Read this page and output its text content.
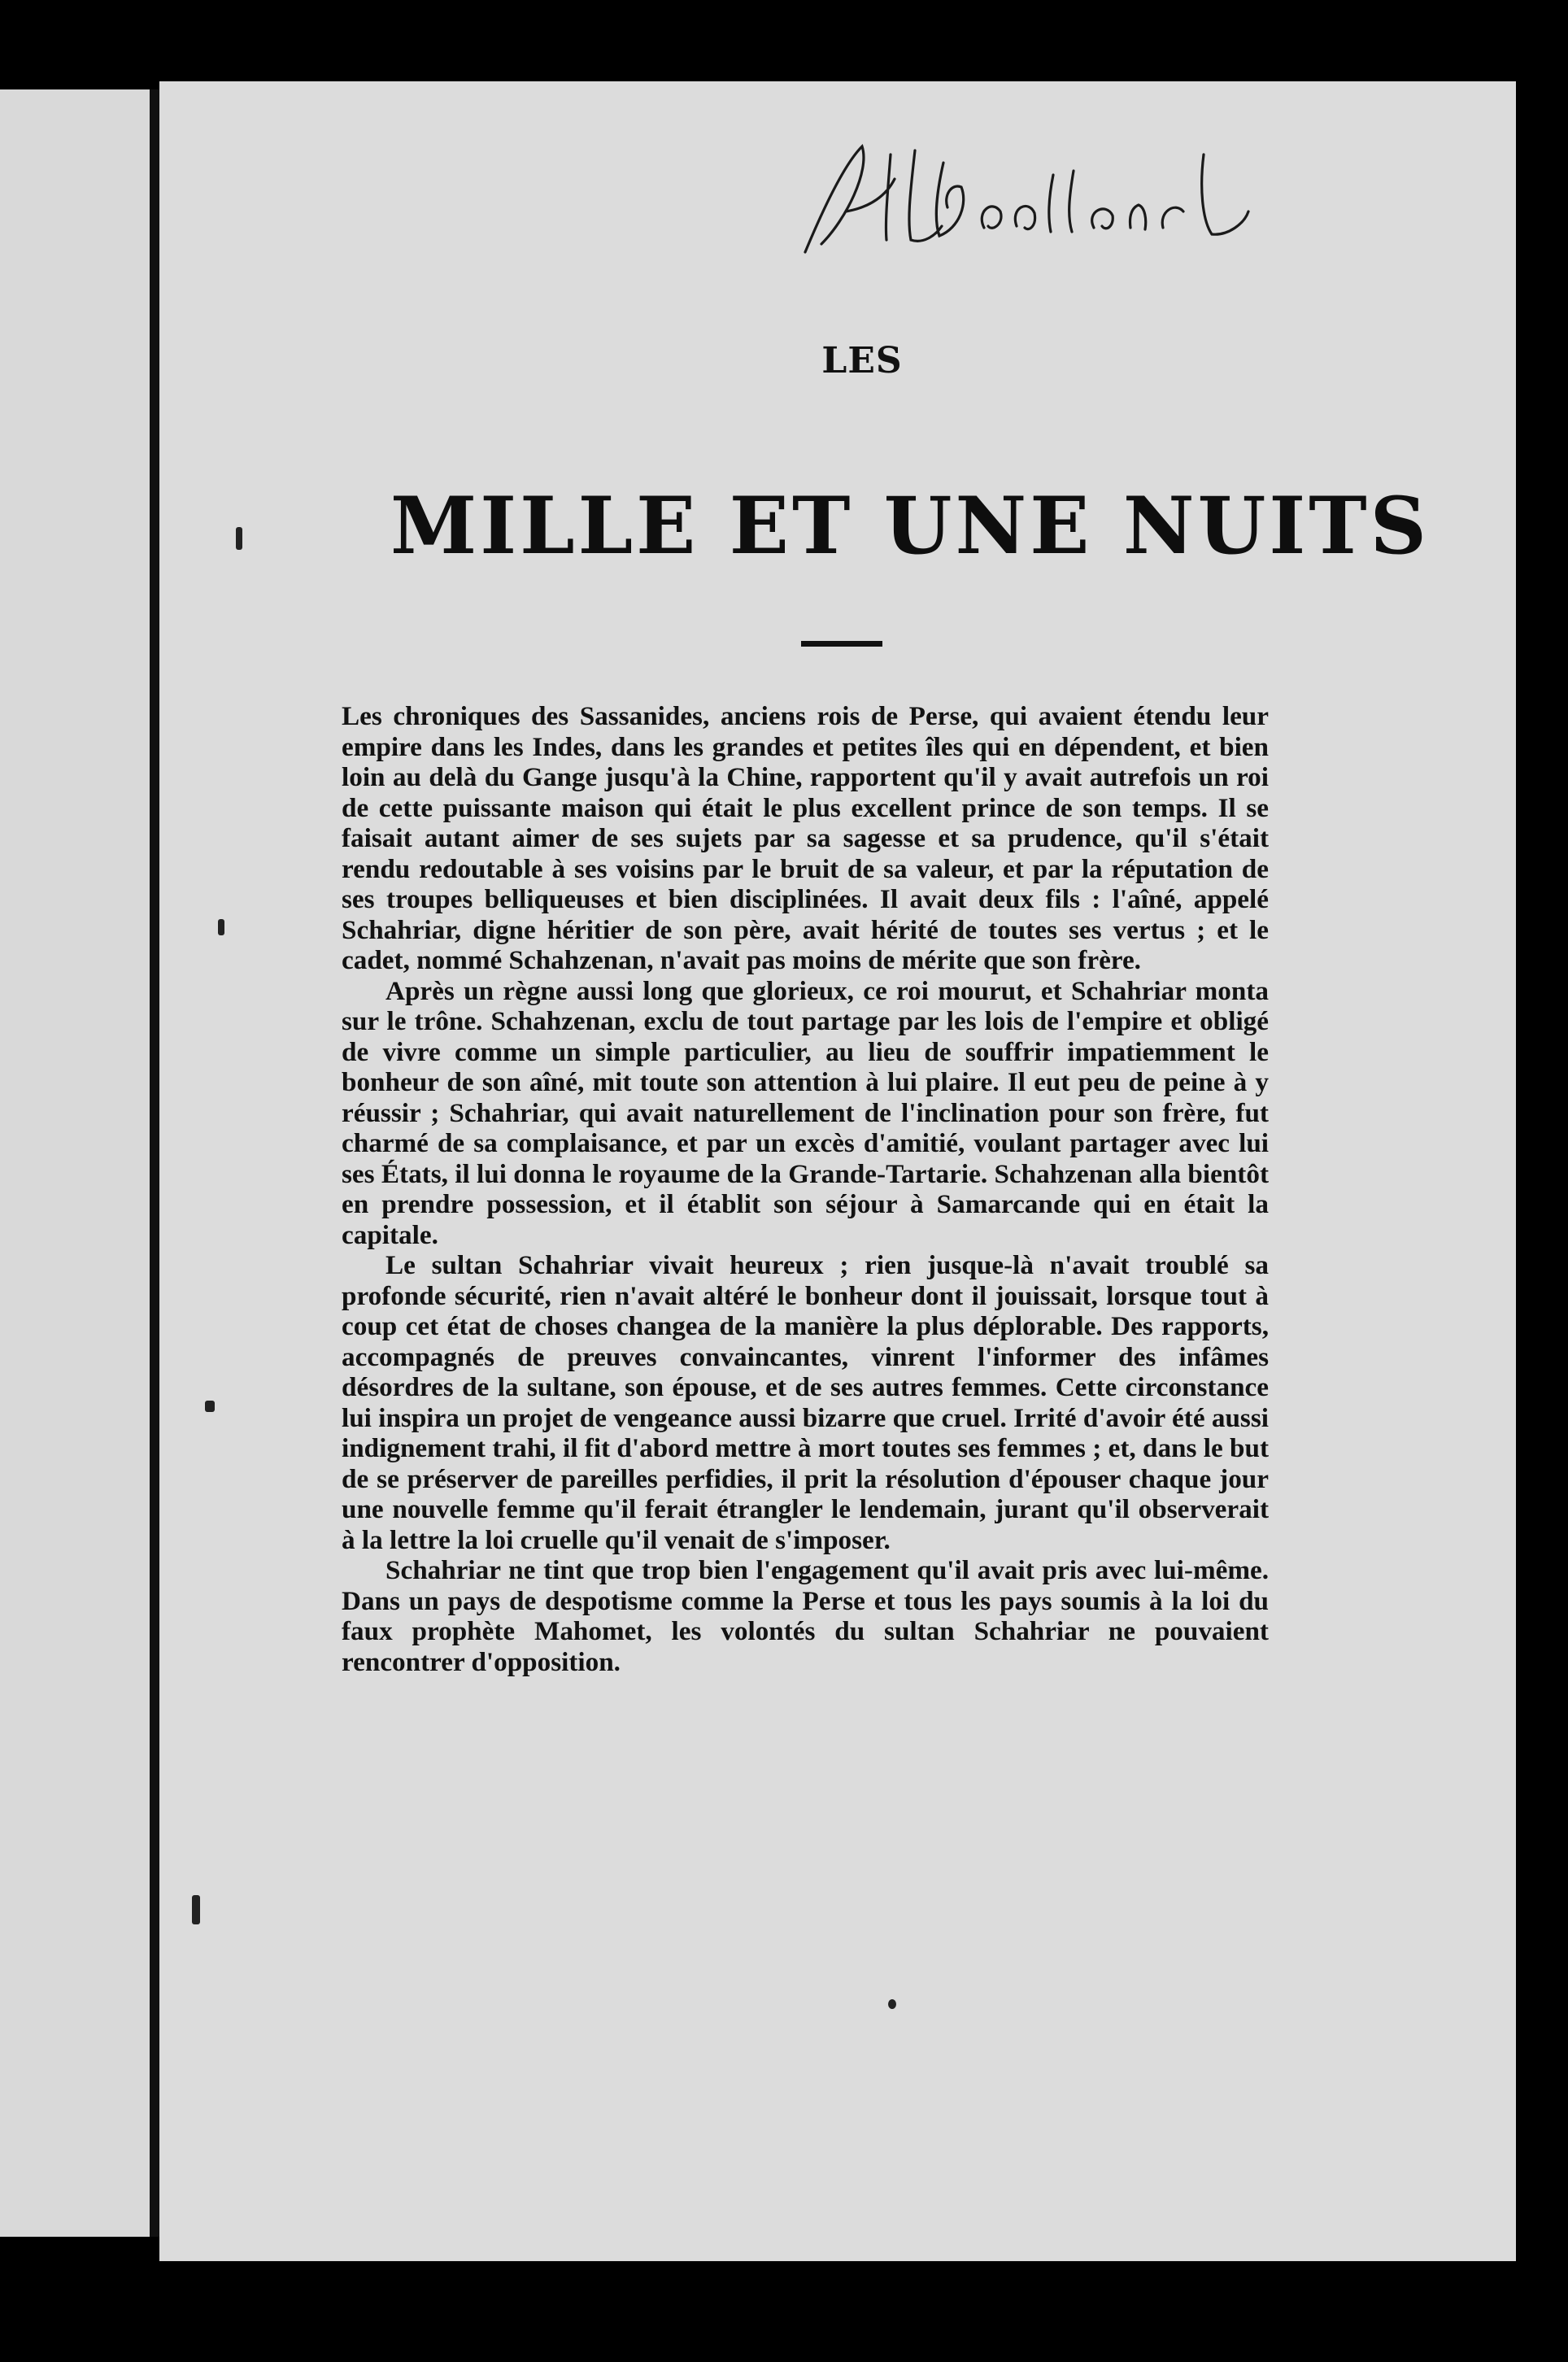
LES
MILLE ET UNE NUITS

Les chroniques des Sassanides, anciens rois de Perse, qui avaient étendu leur empire dans les Indes, dans les grandes et petites îles qui en dépendent, et bien loin au delà du Gange jusqu'à la Chine, rapportent qu'il y avait autrefois un roi de cette puissante maison qui était le plus excellent prince de son temps. Il se faisait autant aimer de ses sujets par sa sagesse et sa prudence, qu'il s'était rendu redoutable à ses voisins par le bruit de sa valeur, et par la réputation de ses troupes belliqueuses et bien disciplinées. Il avait deux fils : l'aîné, appelé Schahriar, digne héritier de son père, avait hérité de toutes ses vertus ; et le cadet, nommé Schahzenan, n'avait pas moins de mérite que son frère.

Après un règne aussi long que glorieux, ce roi mourut, et Schahriar monta sur le trône. Schahzenan, exclu de tout partage par les lois de l'empire et obligé de vivre comme un simple particulier, au lieu de souffrir impatiemment le bonheur de son aîné, mit toute son attention à lui plaire. Il eut peu de peine à y réussir ; Schahriar, qui avait naturellement de l'inclination pour son frère, fut charmé de sa complaisance, et par un excès d'amitié, voulant partager avec lui ses États, il lui donna le royaume de la Grande-Tartarie. Schahzenan alla bientôt en prendre possession, et il établit son séjour à Samarcande qui en était la capitale.

Le sultan Schahriar vivait heureux ; rien jusque-là n'avait troublé sa profonde sécurité, rien n'avait altéré le bonheur dont il jouissait, lorsque tout à coup cet état de choses changea de la manière la plus déplorable. Des rapports, accompagnés de preuves convaincantes, vinrent l'informer des infâmes désordres de la sultane, son épouse, et de ses autres femmes. Cette circonstance lui inspira un projet de vengeance aussi bizarre que cruel. Irrité d'avoir été aussi indignement trahi, il fit d'abord mettre à mort toutes ses femmes ; et, dans le but de se préserver de pareilles perfidies, il prit la résolution d'épouser chaque jour une nouvelle femme qu'il ferait étrangler le lendemain, jurant qu'il observerait à la lettre la loi cruelle qu'il venait de s'imposer.

Schahriar ne tint que trop bien l'engagement qu'il avait pris avec lui-même. Dans un pays de despotisme comme la Perse et tous les pays soumis à la loi du faux prophète Mahomet, les volontés du sultan Schahriar ne pouvaient rencontrer d'opposition.
